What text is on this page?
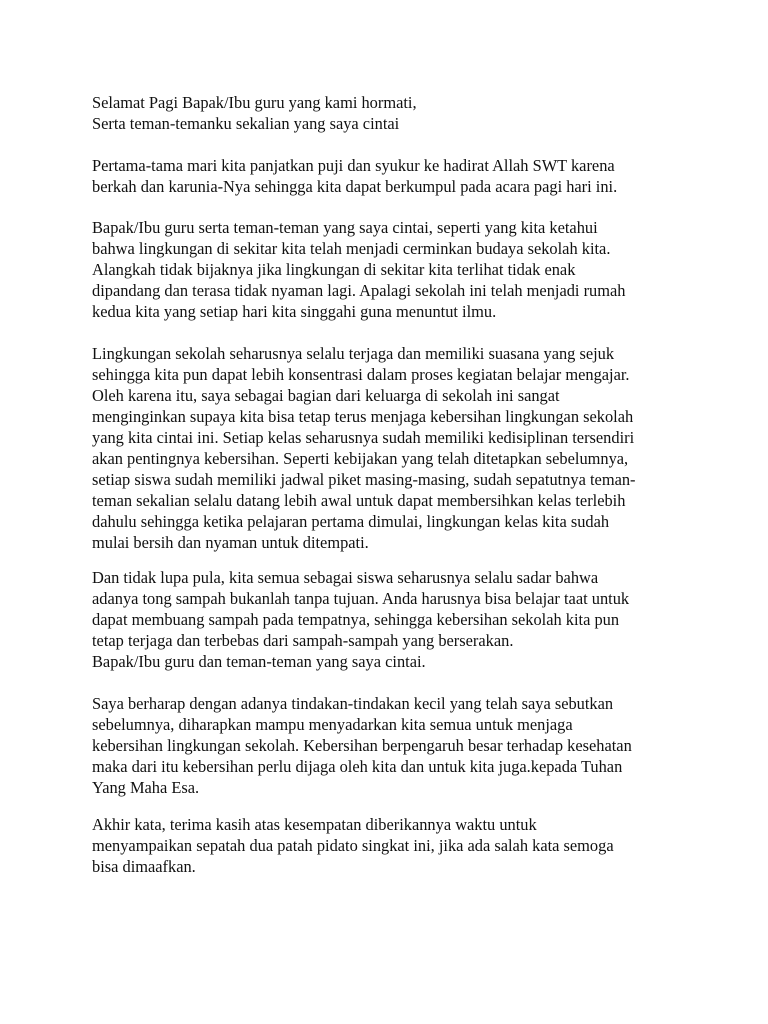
Selamat Pagi Bapak/Ibu guru yang kami hormati,
Serta teman-temanku sekalian yang saya cintai
Pertama-tama mari kita panjatkan puji dan syukur ke hadirat Allah SWT karena
berkah dan karunia-Nya sehingga kita dapat berkumpul pada acara pagi hari ini.
Bapak/Ibu guru serta teman-teman yang saya cintai, seperti yang kita ketahui
bahwa lingkungan di sekitar kita telah menjadi cerminkan budaya sekolah kita.
Alangkah tidak bijaknya jika lingkungan di sekitar kita terlihat tidak enak
dipandang dan terasa tidak nyaman lagi. Apalagi sekolah ini telah menjadi rumah
kedua kita yang setiap hari kita singgahi guna menuntut ilmu.
Lingkungan sekolah seharusnya selalu terjaga dan memiliki suasana yang sejuk
sehingga kita pun dapat lebih konsentrasi dalam proses kegiatan belajar mengajar.
Oleh karena itu, saya sebagai bagian dari keluarga di sekolah ini sangat
menginginkan supaya kita bisa tetap terus menjaga kebersihan lingkungan sekolah
yang kita cintai ini. Setiap kelas seharusnya sudah memiliki kedisiplinan tersendiri
akan pentingnya kebersihan. Seperti kebijakan yang telah ditetapkan sebelumnya,
setiap siswa sudah memiliki jadwal piket masing-masing, sudah sepatutnya teman-
teman sekalian selalu datang lebih awal untuk dapat membersihkan kelas terlebih
dahulu sehingga ketika pelajaran pertama dimulai, lingkungan kelas kita sudah
mulai bersih dan nyaman untuk ditempati.
Dan tidak lupa pula, kita semua sebagai siswa seharusnya selalu sadar bahwa
adanya tong sampah bukanlah tanpa tujuan. Anda harusnya bisa belajar taat untuk
dapat membuang sampah pada tempatnya, sehingga kebersihan sekolah kita pun
tetap terjaga dan terbebas dari sampah-sampah yang berserakan.
Bapak/Ibu guru dan teman-teman yang saya cintai.
Saya berharap dengan adanya tindakan-tindakan kecil yang telah saya sebutkan
sebelumnya, diharapkan mampu menyadarkan kita semua untuk menjaga
kebersihan lingkungan sekolah. Kebersihan berpengaruh besar terhadap kesehatan
maka dari itu kebersihan perlu dijaga oleh kita dan untuk kita juga.kepada Tuhan
Yang Maha Esa.
Akhir kata, terima kasih atas kesempatan diberikannya waktu untuk
menyampaikan sepatah dua patah pidato singkat ini, jika ada salah kata semoga
bisa dimaafkan.
